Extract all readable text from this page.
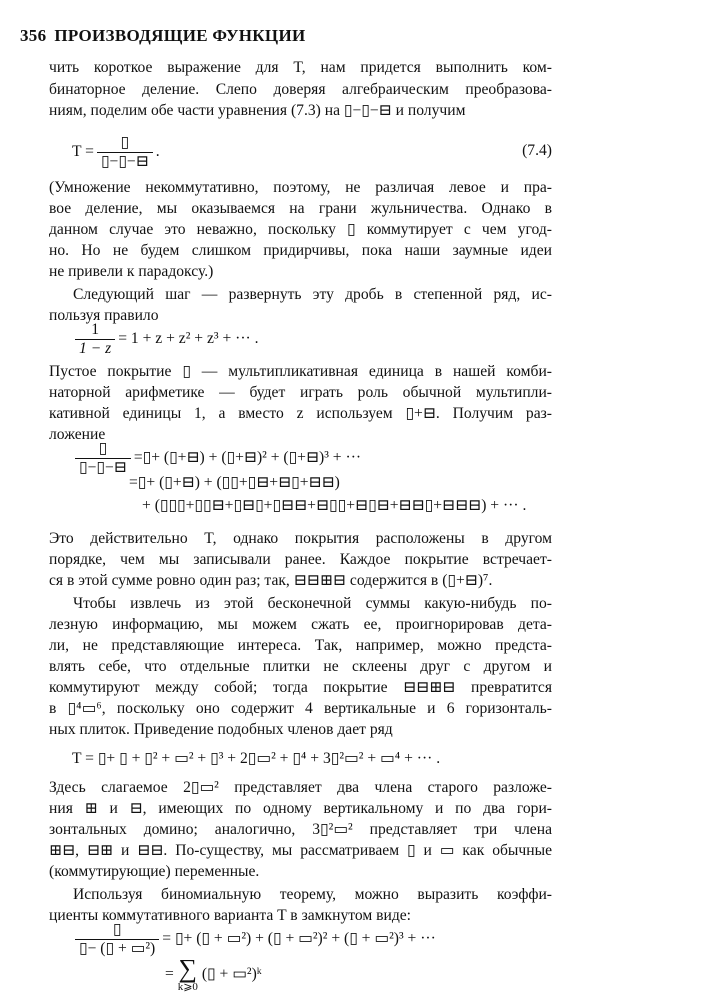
356 ПРОИЗВОДЯЩИЕ ФУНКЦИИ
чить короткое выражение для T, нам придется выполнить ком-
бинаторное деление. Слепо доверяя алгебраическим преобразова-
ниям, поделим обе части уравнения (7.3) на ▯−▯−⊟ и получим
$T = \frac{▯}{▯-▯-⊟}$ .	(7.4)
(Умножение некоммутативно, поэтому, не различая левое и пра-
вое деление, мы оказываемся на грани жульничества. Однако в
данном случае это неважно, поскольку ▯ коммутирует с чем угод-
но. Но не будем слишком придирчивы, пока наши заумные идеи
не привели к парадоксу.)
Следующий шаг — развернуть эту дробь в степенной ряд, ис-
пользуя правило
$\frac{1}{1 - z} = 1 + z + z^2 + z^3$ + ··· .
Пустое покрытие ▯ — мультипликативная единица в нашей комби-
наторной арифметике — будет играть роль обычной мультипли-
кативной единицы 1, а вместо z используем ▯+⊟. Получим раз-
ложение
$\frac{▯}{▯-▯-⊟}$ =▯+ (▯+⊟) + (▯+⊟)² + (▯+⊟)³ + ···
=▯+ (▯+⊟) + (▯▯+▯⊟+⊟▯+⊟⊟)
+ (▯▯▯+▯▯⊟+▯⊟▯+▯⊟⊟+⊟▯▯+⊟▯⊟+⊟⊟▯+⊟⊟⊟) + ··· .
Это действительно T, однако покрытия расположены в другом
порядке, чем мы записывали ранее. Каждое покрытие встречает-
ся в этой сумме ровно один раз; так, ⊟⊟⊞⊟ содержится в (▯+⊟)⁷.
Чтобы извлечь из этой бесконечной суммы какую-нибудь по-
лезную информацию, мы можем сжать ее, проигнорировав дета-
ли, не представляющие интереса. Так, например, можно предста-
влять себе, что отдельные плитки не склеены друг с другом и
коммутируют между собой; тогда покрытие ⊟⊟⊞⊟ превратится
в ▯⁴▭⁶, поскольку оно содержит 4 вертикальные и 6 горизонталь-
ных плиток. Приведение подобных членов дает ряд
T = ▯+ ▯ + ▯² + ▭² + ▯³ + 2▯▭² + ▯⁴ + 3▯²▭² + ▭⁴ + ··· .
Здесь слагаемое 2▯▭² представляет два члена старого разложе-
ния ⊞ и ⊟, имеющих по одному вертикальному и по два гори-
зонтальных домино; аналогично, 3▯²▭² представляет три члена
⊞⊟, ⊟⊞ и ⊟⊟. По-существу, мы рассматриваем ▯ и ▭ как обычные
(коммутирующие) переменные.
Используя биномиальную теорему, можно выразить коэффи-
циенты коммутативного варианта T в замкнутом виде:
$\frac{▯}{\text{▯− (▯ + ▭²)}}$ = ▯+ (▯ + ▭²) + (▯ + ▭²)² + (▯ + ▭²)³ + ···
= ∑
k⩾0
(▯ + ▭²)ᵏ
